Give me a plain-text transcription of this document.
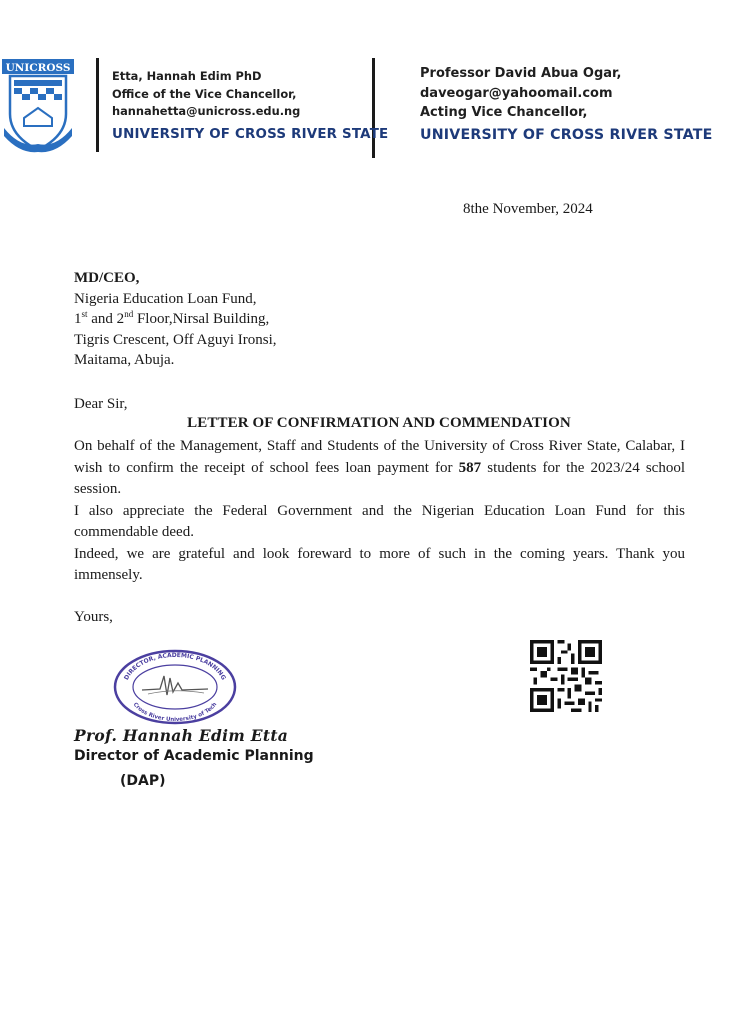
UNICROSS
Etta, Hannah Edim PhD
Office of the Vice Chancellor,
hannahetta@unicross.edu.ng
UNIVERSITY OF CROSS RIVER STATE
Professor David Abua Ogar,
daveogar@yahoomail.com
Acting Vice Chancellor,
UNIVERSITY OF CROSS RIVER STATE
8the November, 2024
MD/CEO,
Nigeria Education Loan Fund,
1st and 2nd Floor,Nirsal Building,
Tigris Crescent, Off Aguyi Ironsi,
Maitama, Abuja.
Dear Sir,
LETTER OF CONFIRMATION AND COMMENDATION

On behalf of the Management, Staff and Students of the University of Cross River State, Calabar, I wish to confirm the receipt of school fees loan payment for 587 students for the 2023/24 school session.

I also appreciate the Federal Government and the Nigerian Education Loan Fund for this commendable deed.

Indeed, we are grateful and look foreward to more of such in the coming years. Thank you immensely.

Yours,
DIRECTOR, ACADEMIC PLANNING
Cross River University of Tech
Prof. Hannah Edim Etta
Director of Academic Planning
(DAP)
